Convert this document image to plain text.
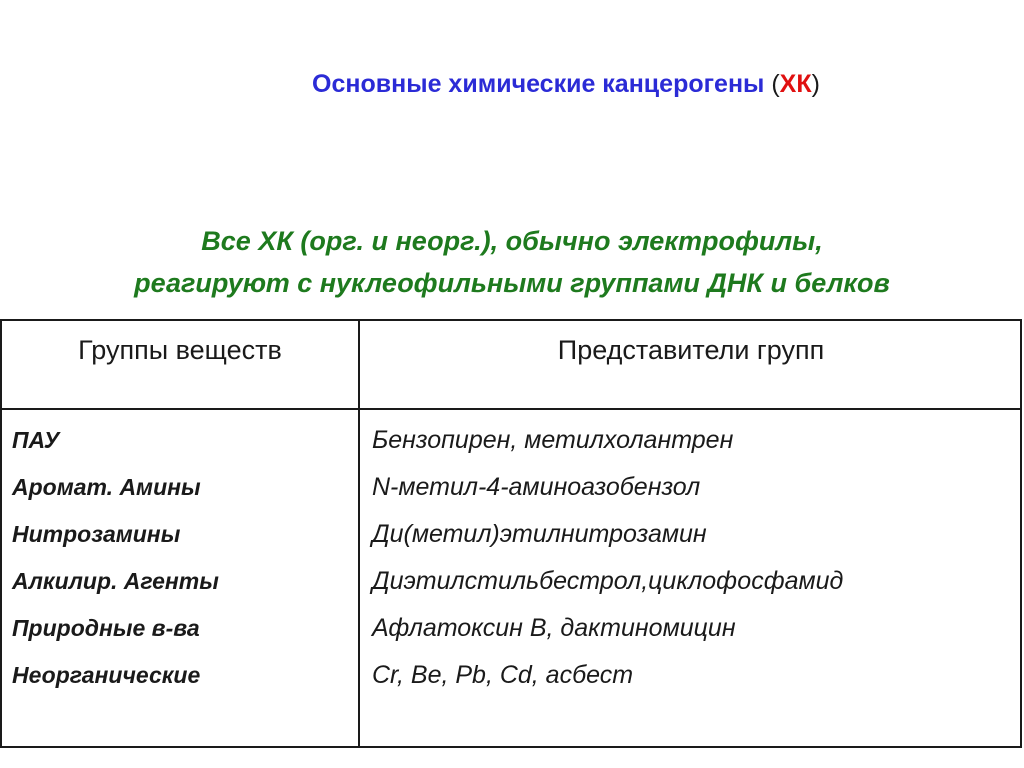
Основные химические канцерогены (ХК)
Все ХК (орг. и неорг.), обычно электрофилы,
реагируют с нуклеофильными группами ДНК и белков
Группы веществ	Представители групп
ПАУ
Аромат. Амины
Нитрозамины
Алкилир. Агенты
Природные в-ва
Неорганические
Бензопирен, метилхолантрен
N-метил-4-аминоазобензол
Ди(метил)этилнитрозамин
Диэтилстильбестрол,циклофосфамид
Афлатоксин В, дактиномицин
Cr, Be, Pb, Cd, асбест
